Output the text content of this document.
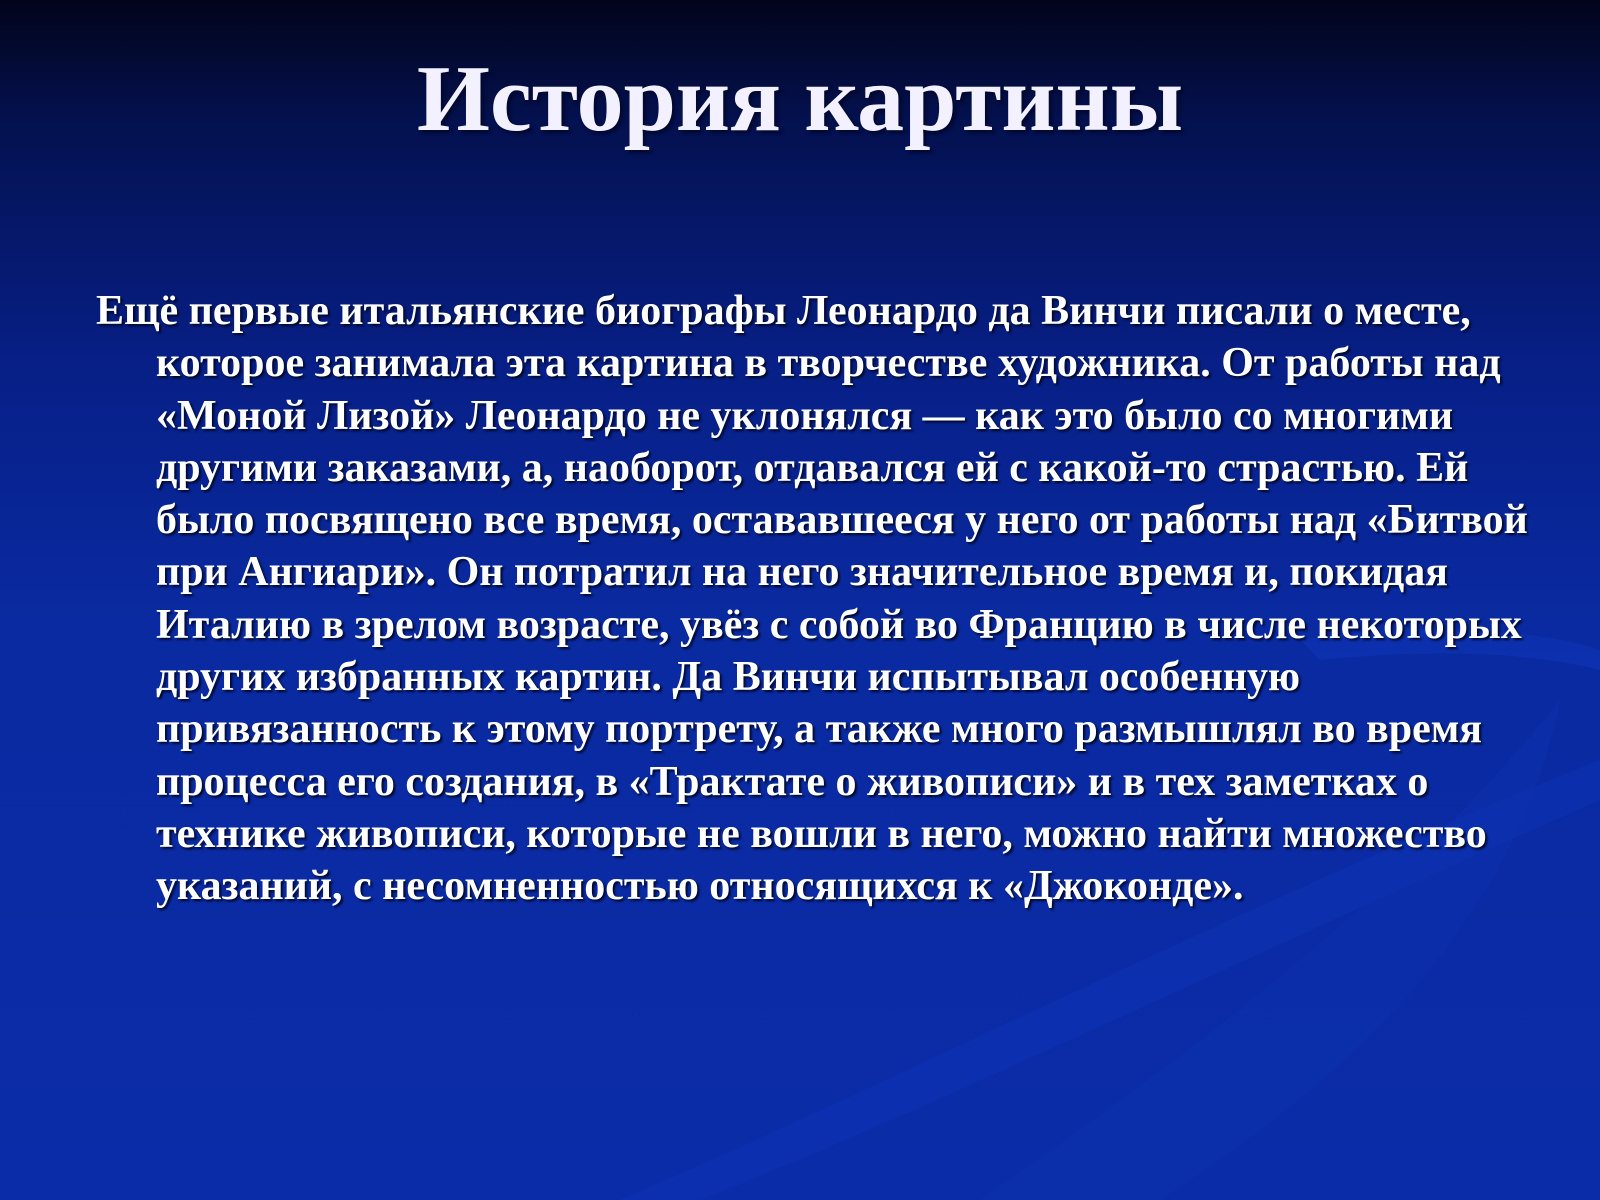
История картины

Ещё первые итальянские биографы Леонардо да Винчи писали о месте, которое занимала эта картина в творчестве художника. От работы над «Моной Лизой» Леонардо не уклонялся — как это было со многими другими заказами, а, наоборот, отдавался ей с какой-то страстью. Ей было посвящено все время, остававшееся у него от работы над «Битвой при Ангиари». Он потратил на него значительное время и, покидая Италию в зрелом возрасте, увёз с собой во Францию в числе некоторых других избранных картин. Да Винчи испытывал особенную привязанность к этому портрету, а также много размышлял во время процесса его создания, в «Трактате о живописи» и в тех заметках о технике живописи, которые не вошли в него, можно найти множество указаний, с несомненностью относящихся к «Джоконде».
